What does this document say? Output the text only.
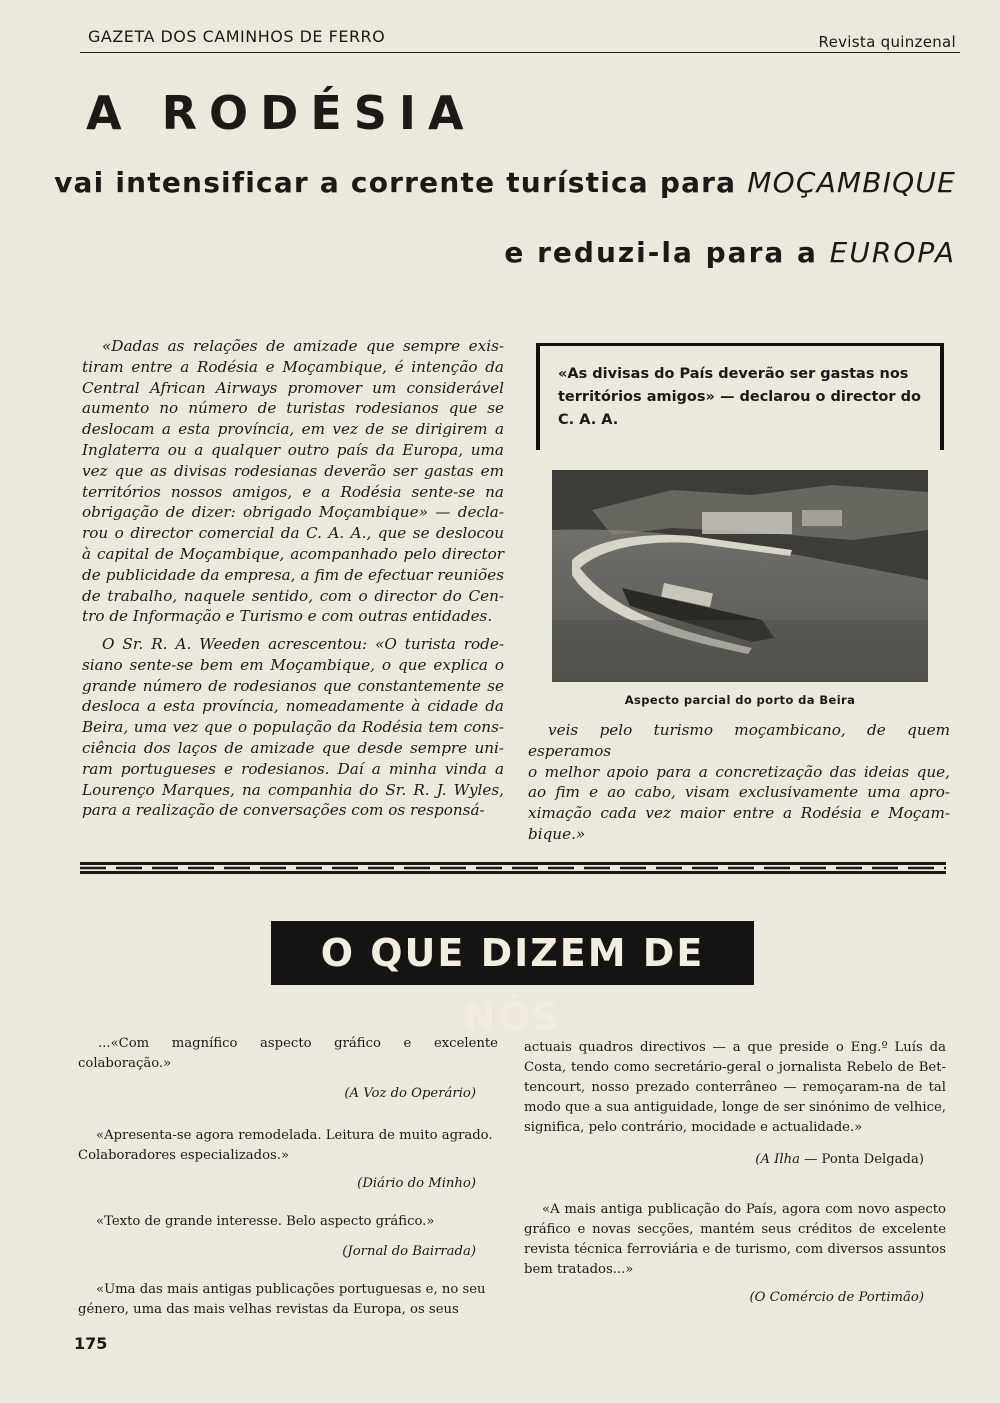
GAZETA DOS CAMINHOS DE FERRO	Revista quinzenal
A RODÉSIA
vai intensificar a corrente turística para MOÇAMBIQUE
e reduzi-la para a EUROPA
«Dadas as relações de amizade que sempre exis-
tiram entre a Rodésia e Moçambique, é intenção da
Central African Airways promover um considerável
aumento no número de turistas rodesianos que se
deslocam a esta província, em vez de se dirigirem a
Inglaterra ou a qualquer outro país da Europa, uma
vez que as divisas rodesianas deverão ser gastas em
territórios nossos amigos, e a Rodésia sente-se na
obrigação de dizer: obrigado Moçambique» — decla-
rou o director comercial da C. A. A., que se deslocou
à capital de Moçambique, acompanhado pelo director
de publicidade da empresa, a fim de efectuar reuniões
de trabalho, naquele sentido, com o director do Cen-
tro de Informação e Turismo e com outras entidades.
O Sr. R. A. Weeden acrescentou: «O turista rode-
siano sente-se bem em Moçambique, o que explica o
grande número de rodesianos que constantemente se
desloca a esta província, nomeadamente à cidade da
Beira, uma vez que o população da Rodésia tem cons-
ciência dos laços de amizade que desde sempre uni-
ram portugueses e rodesianos. Daí a minha vinda a
Lourenço Marques, na companhia do Sr. R. J. Wyles,
para a realização de conversações com os responsá-
veis pelo turismo moçambicano, de quem esperamos
o melhor apoio para a concretização das ideias que,
ao fim e ao cabo, visam exclusivamente uma apro-
ximação cada vez maior entre a Rodésia e Moçam-
bique.»
«As divisas do País deverão ser gastas nos
territórios amigos» — declarou o director do
C. A. A.
Aspecto parcial do porto da Beira
O QUE DIZEM DE NÓS

...«Com magnífico aspecto gráfico e excelente colaboração.»

(A Voz do Operário)

«Apresenta-se agora remodelada. Leitura de muito agrado.

Colaboradores especializados.»

(Diário do Minho)

«Texto de grande interesse. Belo aspecto gráfico.»

(Jornal do Bairrada)

«Uma das mais antigas publicações portuguesas e, no seu

género, uma das mais velhas revistas da Europa, os seus

actuais quadros directivos — a que preside o Eng.º Luís da
Costa, tendo como secretário-geral o jornalista Rebelo de Bet-
tencourt, nosso prezado conterrâneo — remoçaram-na de tal
modo que a sua antiguidade, longe de ser sinónimo de velhice,
significa, pelo contrário, mocidade e actualidade.»

(A Ilha — Ponta Delgada)

«A mais antiga publicação do País, agora com novo aspecto
gráfico e novas secções, mantém seus créditos de excelente
revista técnica ferroviária e de turismo, com diversos assuntos
bem tratados...»

(O Comércio de Portimão)

175
